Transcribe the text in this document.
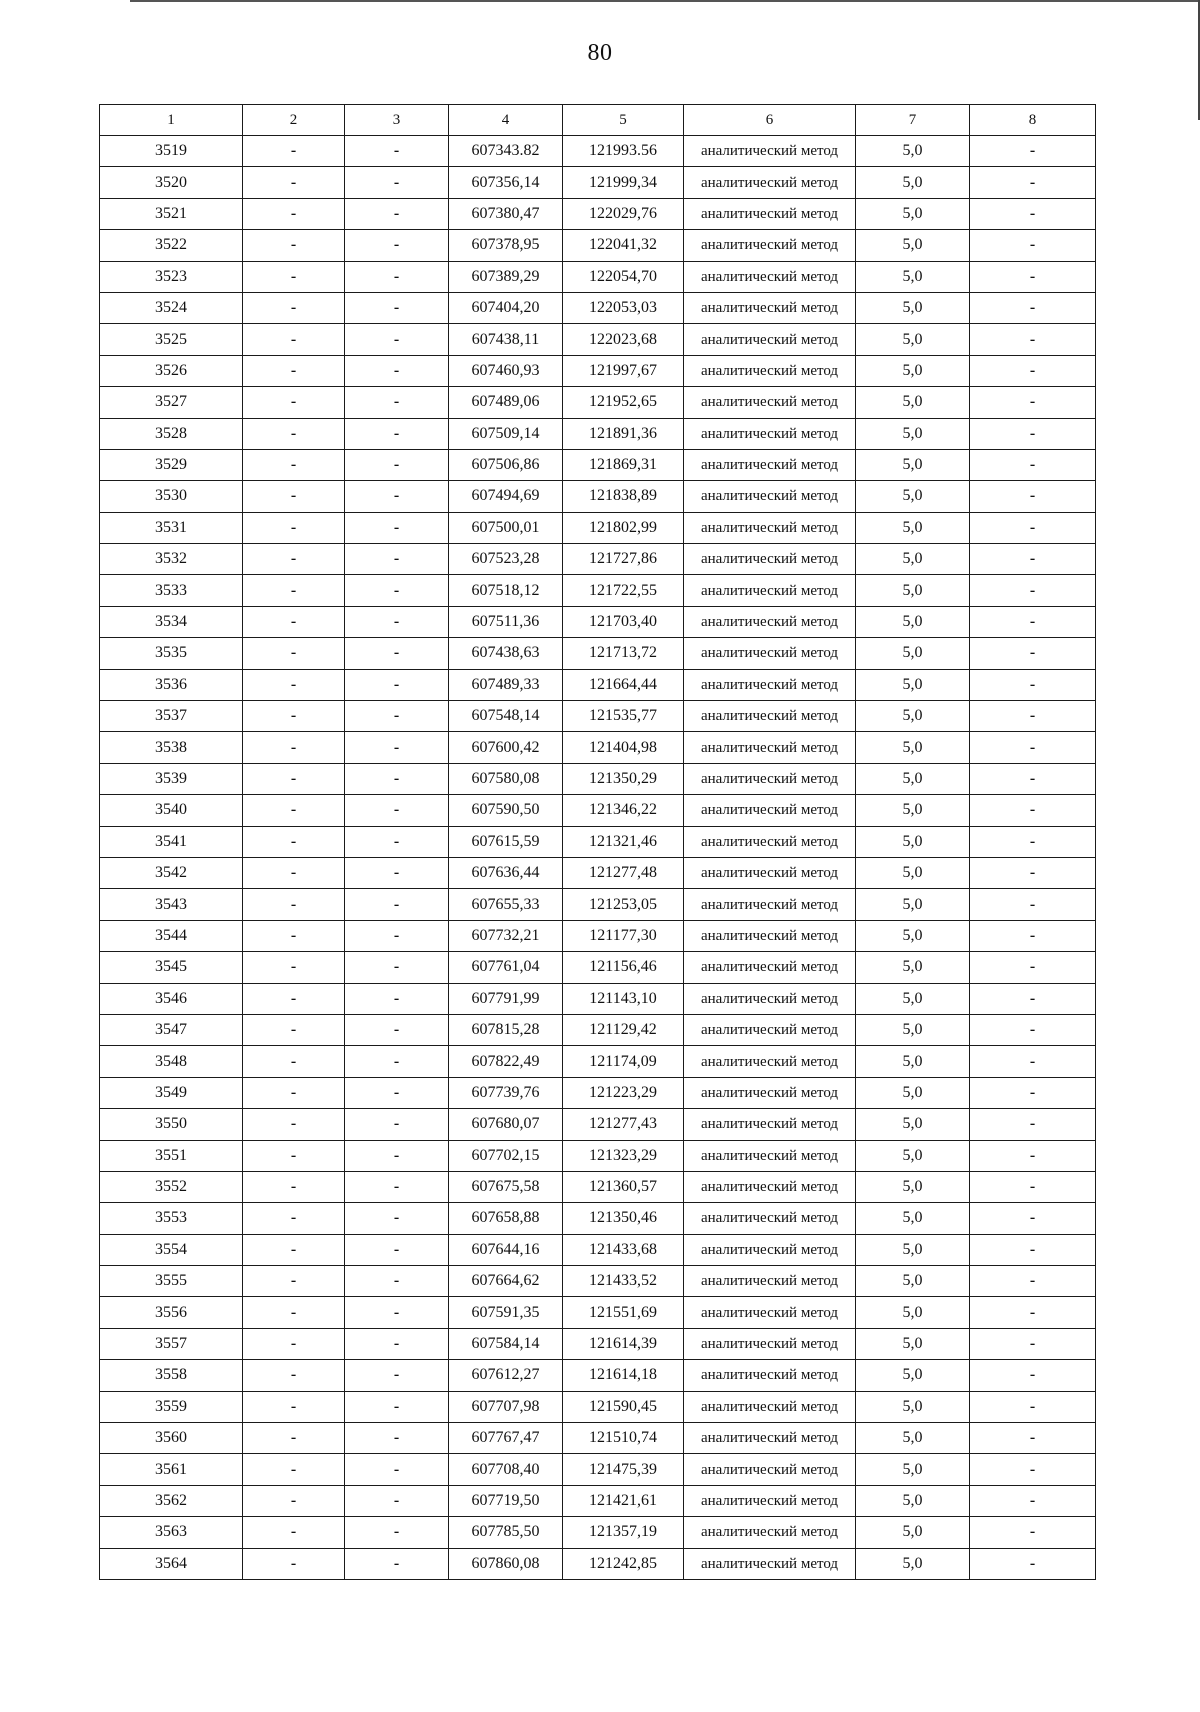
80
1	2	3	4	5	6	7	8
3519	-	-	607343.82	121993.56	аналитический метод	5,0	-
3520	-	-	607356,14	121999,34	аналитический метод	5,0	-
3521	-	-	607380,47	122029,76	аналитический метод	5,0	-
3522	-	-	607378,95	122041,32	аналитический метод	5,0	-
3523	-	-	607389,29	122054,70	аналитический метод	5,0	-
3524	-	-	607404,20	122053,03	аналитический метод	5,0	-
3525	-	-	607438,11	122023,68	аналитический метод	5,0	-
3526	-	-	607460,93	121997,67	аналитический метод	5,0	-
3527	-	-	607489,06	121952,65	аналитический метод	5,0	-
3528	-	-	607509,14	121891,36	аналитический метод	5,0	-
3529	-	-	607506,86	121869,31	аналитический метод	5,0	-
3530	-	-	607494,69	121838,89	аналитический метод	5,0	-
3531	-	-	607500,01	121802,99	аналитический метод	5,0	-
3532	-	-	607523,28	121727,86	аналитический метод	5,0	-
3533	-	-	607518,12	121722,55	аналитический метод	5,0	-
3534	-	-	607511,36	121703,40	аналитический метод	5,0	-
3535	-	-	607438,63	121713,72	аналитический метод	5,0	-
3536	-	-	607489,33	121664,44	аналитический метод	5,0	-
3537	-	-	607548,14	121535,77	аналитический метод	5,0	-
3538	-	-	607600,42	121404,98	аналитический метод	5,0	-
3539	-	-	607580,08	121350,29	аналитический метод	5,0	-
3540	-	-	607590,50	121346,22	аналитический метод	5,0	-
3541	-	-	607615,59	121321,46	аналитический метод	5,0	-
3542	-	-	607636,44	121277,48	аналитический метод	5,0	-
3543	-	-	607655,33	121253,05	аналитический метод	5,0	-
3544	-	-	607732,21	121177,30	аналитический метод	5,0	-
3545	-	-	607761,04	121156,46	аналитический метод	5,0	-
3546	-	-	607791,99	121143,10	аналитический метод	5,0	-
3547	-	-	607815,28	121129,42	аналитический метод	5,0	-
3548	-	-	607822,49	121174,09	аналитический метод	5,0	-
3549	-	-	607739,76	121223,29	аналитический метод	5,0	-
3550	-	-	607680,07	121277,43	аналитический метод	5,0	-
3551	-	-	607702,15	121323,29	аналитический метод	5,0	-
3552	-	-	607675,58	121360,57	аналитический метод	5,0	-
3553	-	-	607658,88	121350,46	аналитический метод	5,0	-
3554	-	-	607644,16	121433,68	аналитический метод	5,0	-
3555	-	-	607664,62	121433,52	аналитический метод	5,0	-
3556	-	-	607591,35	121551,69	аналитический метод	5,0	-
3557	-	-	607584,14	121614,39	аналитический метод	5,0	-
3558	-	-	607612,27	121614,18	аналитический метод	5,0	-
3559	-	-	607707,98	121590,45	аналитический метод	5,0	-
3560	-	-	607767,47	121510,74	аналитический метод	5,0	-
3561	-	-	607708,40	121475,39	аналитический метод	5,0	-
3562	-	-	607719,50	121421,61	аналитический метод	5,0	-
3563	-	-	607785,50	121357,19	аналитический метод	5,0	-
3564	-	-	607860,08	121242,85	аналитический метод	5,0	-
